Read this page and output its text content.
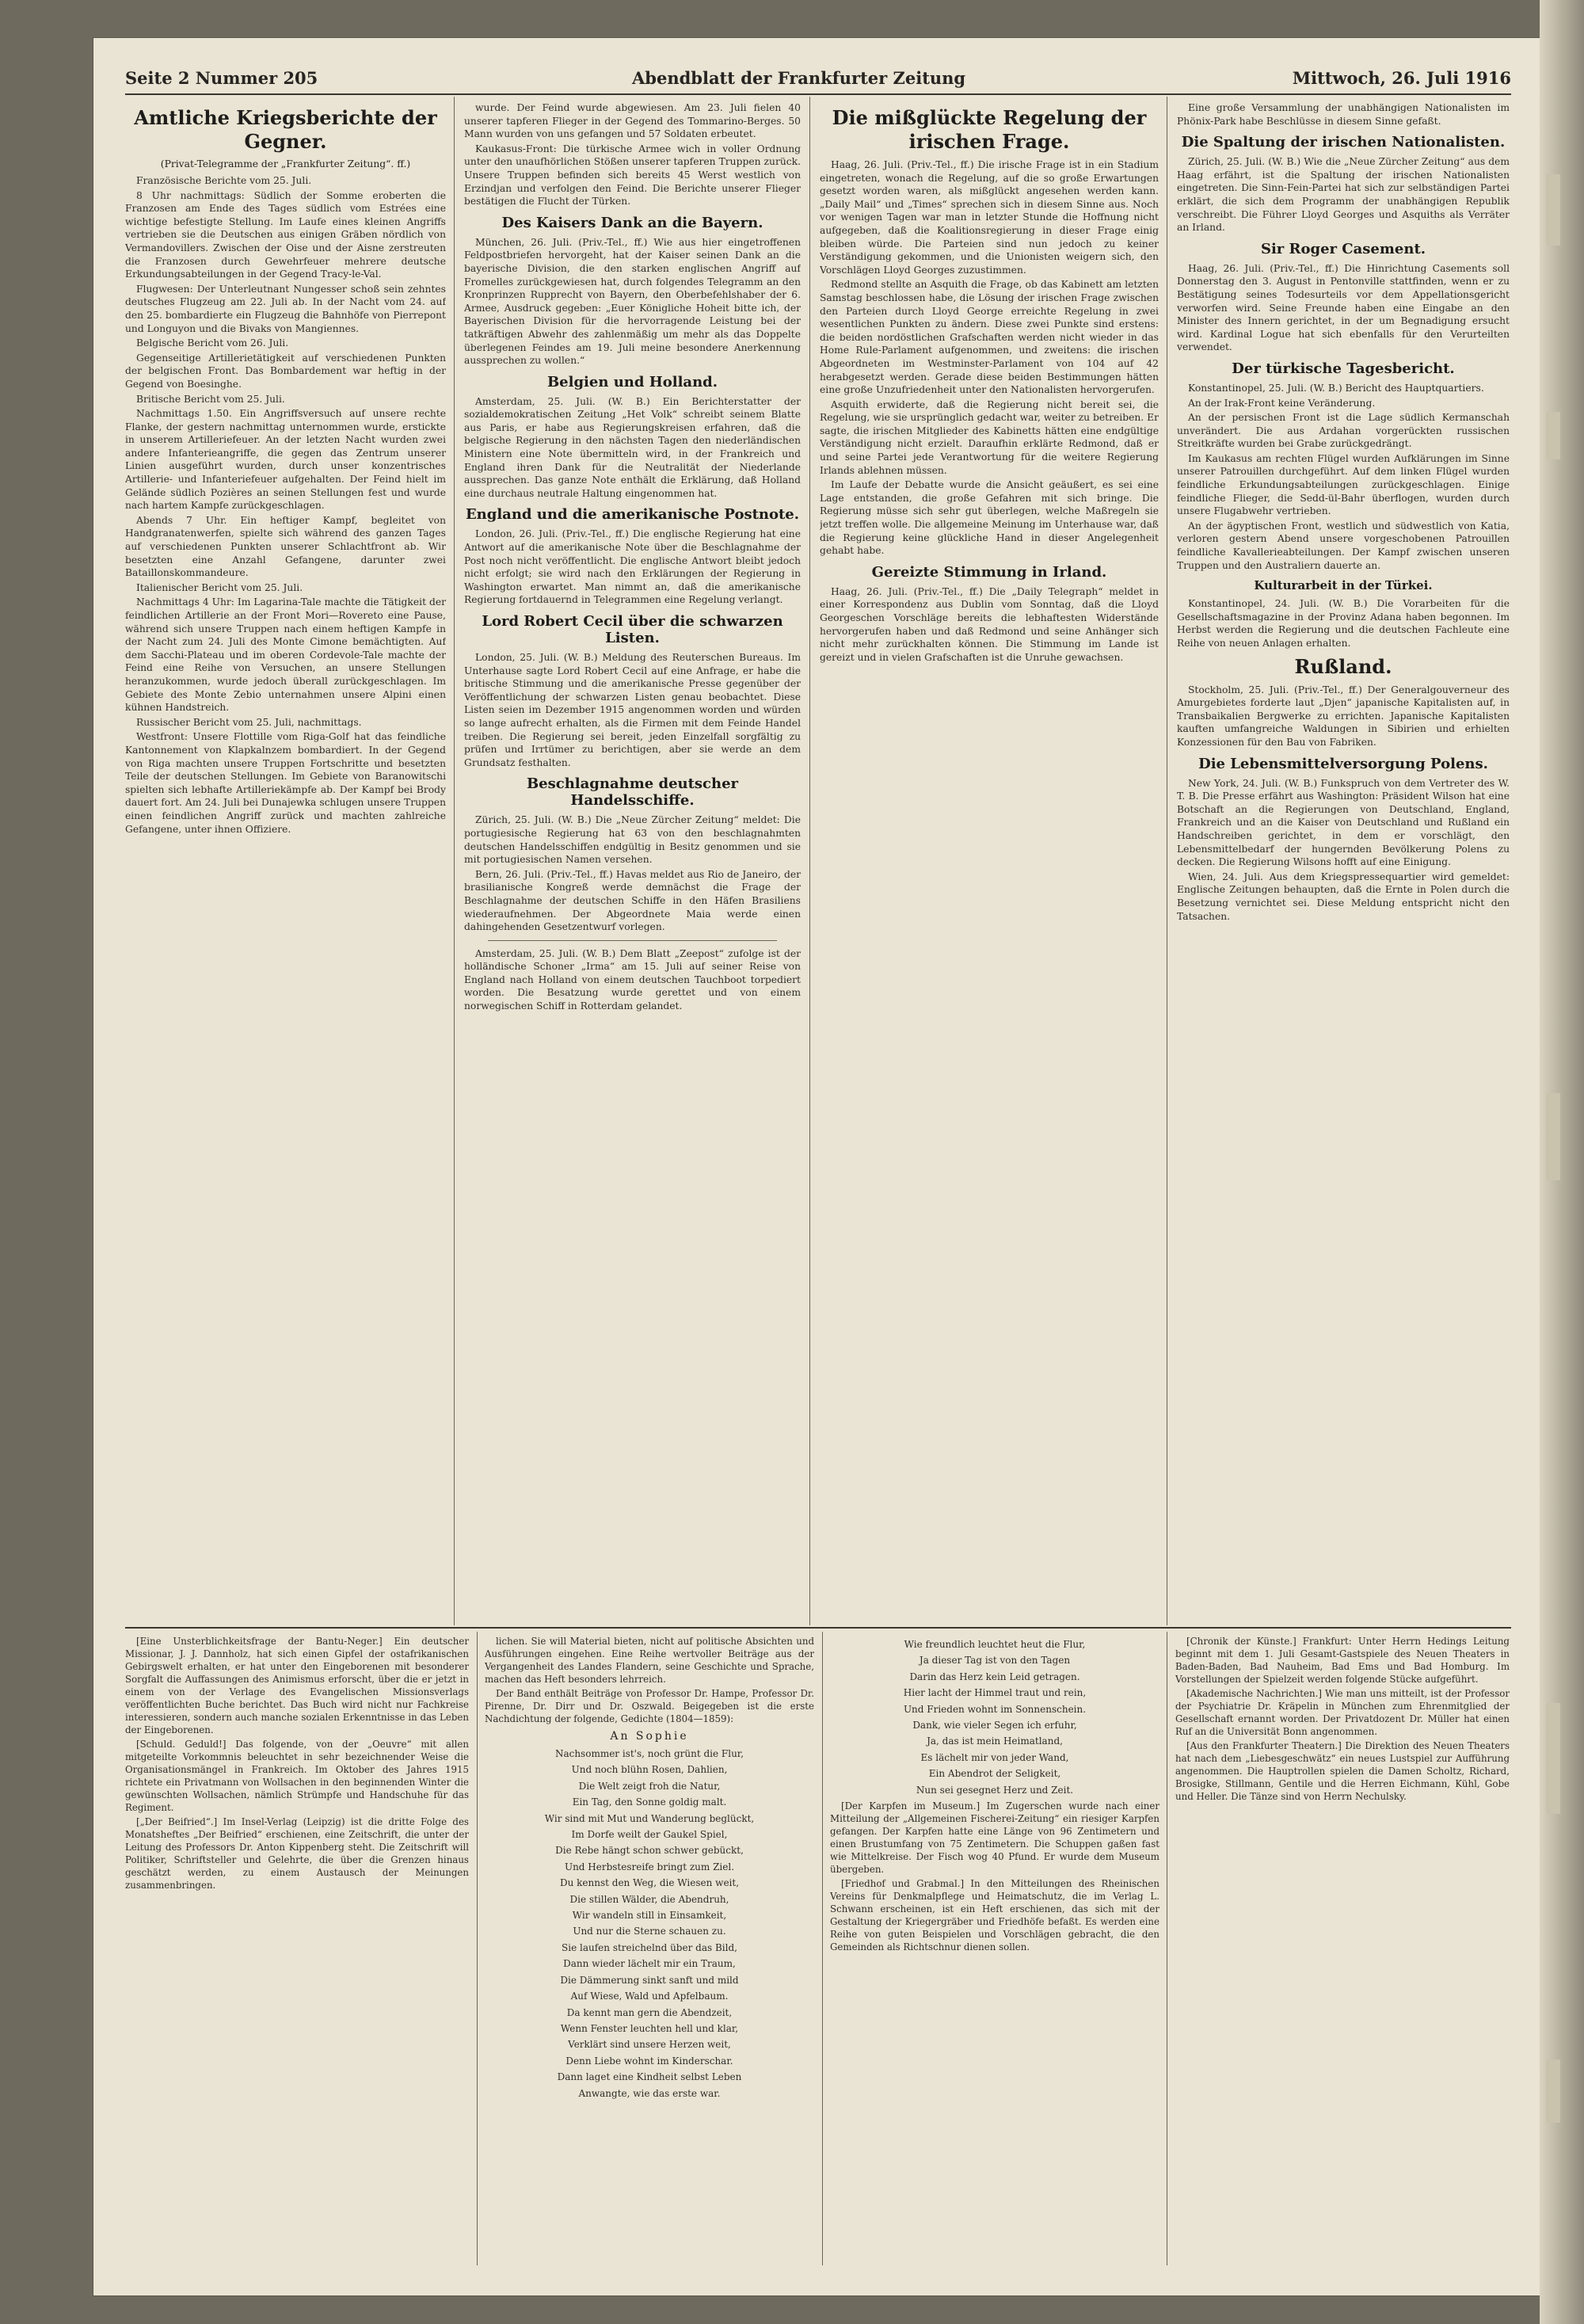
Seite 2 Nummer 205	Abendblatt der Frankfurter Zeitung	Mittwoch, 26. Juli 1916
Amtliche Kriegsberichte der Gegner.
(Privat-Telegramme der „Frankfurter Zeitung“. ff.)

Französische Berichte vom 25. Juli.

8 Uhr nachmittags: Südlich der Somme eroberten die Franzosen am Ende des Tages südlich vom Estrées eine wichtige befestigte Stellung. Im Laufe eines kleinen Angriffs vertrieben sie die Deutschen aus einigen Gräben nördlich von Vermandovillers. Zwischen der Oise und der Aisne zerstreuten die Franzosen durch Gewehrfeuer mehrere deutsche Erkundungsabteilungen in der Gegend Tracy-le-Val.

Flugwesen: Der Unterleutnant Nungesser schoß sein zehntes deutsches Flugzeug am 22. Juli ab. In der Nacht vom 24. auf den 25. bombardierte ein Flugzeug die Bahnhöfe von Pierrepont und Longuyon und die Bivaks von Mangiennes.

Belgische Bericht vom 26. Juli.

Gegenseitige Artillerietätigkeit auf verschiedenen Punkten der belgischen Front. Das Bombardement war heftig in der Gegend von Boesinghe.

Britische Bericht vom 25. Juli.

Nachmittags 1.50. Ein Angriffsversuch auf unsere rechte Flanke, der gestern nachmittag unternommen wurde, erstickte in unserem Artilleriefeuer. An der letzten Nacht wurden zwei andere Infanterieangriffe, die gegen das Zentrum unserer Linien ausgeführt wurden, durch unser konzentrisches Artillerie- und Infanteriefeuer aufgehalten. Der Feind hielt im Gelände südlich Pozières an seinen Stellungen fest und wurde nach hartem Kampfe zurückgeschlagen.

Abends 7 Uhr. Ein heftiger Kampf, begleitet von Handgranatenwerfen, spielte sich während des ganzen Tages auf verschiedenen Punkten unserer Schlachtfront ab. Wir besetzten eine Anzahl Gefangene, darunter zwei Bataillonskommandeure.

Italienischer Bericht vom 25. Juli.

Nachmittags 4 Uhr: Im Lagarina-Tale machte die Tätigkeit der feindlichen Artillerie an der Front Mori—Rovereto eine Pause, während sich unsere Truppen nach einem heftigen Kampfe in der Nacht zum 24. Juli des Monte Cimone bemächtigten. Auf dem Sacchi-Plateau und im oberen Cordevole-Tale machte der Feind eine Reihe von Versuchen, an unsere Stellungen heranzukommen, wurde jedoch überall zurückgeschlagen. Im Gebiete des Monte Zebio unternahmen unsere Alpini einen kühnen Handstreich.

Russischer Bericht vom 25. Juli, nachmittags.

Westfront: Unsere Flottille vom Riga-Golf hat das feindliche Kantonnement von Klapkalnzem bombardiert. In der Gegend von Riga machten unsere Truppen Fortschritte und besetzten Teile der deutschen Stellungen. Im Gebiete von Baranowitschi spielten sich lebhafte Artilleriekämpfe ab. Der Kampf bei Brody dauert fort. Am 24. Juli bei Dunajewka schlugen unsere Truppen einen feindlichen Angriff zurück und machten zahlreiche Gefangene, unter ihnen Offiziere.

wurde. Der Feind wurde abgewiesen. Am 23. Juli fielen 40 unserer tapferen Flieger in der Gegend des Tommarino-Berges. 50 Mann wurden von uns gefangen und 57 Soldaten erbeutet.

Kaukasus-Front: Die türkische Armee wich in voller Ordnung unter den unaufhörlichen Stößen unserer tapferen Truppen zurück. Unsere Truppen befinden sich bereits 45 Werst westlich von Erzindjan und verfolgen den Feind. Die Berichte unserer Flieger bestätigen die Flucht der Türken.

Des Kaisers Dank an die Bayern.

München, 26. Juli. (Priv.-Tel., ff.) Wie aus hier eingetroffenen Feldpostbriefen hervorgeht, hat der Kaiser seinen Dank an die bayerische Division, die den starken englischen Angriff auf Fromelles zurückgewiesen hat, durch folgendes Telegramm an den Kronprinzen Rupprecht von Bayern, den Oberbefehlshaber der 6. Armee, Ausdruck gegeben: „Euer Königliche Hoheit bitte ich, der Bayerischen Division für die hervorragende Leistung bei der tatkräftigen Abwehr des zahlenmäßig um mehr als das Doppelte überlegenen Feindes am 19. Juli meine besondere Anerkennung aussprechen zu wollen.“

Belgien und Holland.

Amsterdam, 25. Juli. (W. B.) Ein Berichterstatter der sozialdemokratischen Zeitung „Het Volk“ schreibt seinem Blatte aus Paris, er habe aus Regierungskreisen erfahren, daß die belgische Regierung in den nächsten Tagen den niederländischen Ministern eine Note übermitteln wird, in der Frankreich und England ihren Dank für die Neutralität der Niederlande aussprechen. Das ganze Note enthält die Erklärung, daß Holland eine durchaus neutrale Haltung eingenommen hat.

England und die amerikanische Postnote.

London, 26. Juli. (Priv.-Tel., ff.) Die englische Regierung hat eine Antwort auf die amerikanische Note über die Beschlagnahme der Post noch nicht veröffentlicht. Die englische Antwort bleibt jedoch nicht erfolgt; sie wird nach den Erklärungen der Regierung in Washington erwartet. Man nimmt an, daß die amerikanische Regierung fortdauernd in Telegrammen eine Regelung verlangt.

Lord Robert Cecil über die schwarzen Listen.

London, 25. Juli. (W. B.) Meldung des Reuterschen Bureaus. Im Unterhause sagte Lord Robert Cecil auf eine Anfrage, er habe die britische Stimmung und die amerikanische Presse gegenüber der Veröffentlichung der schwarzen Listen genau beobachtet. Diese Listen seien im Dezember 1915 angenommen worden und würden so lange aufrecht erhalten, als die Firmen mit dem Feinde Handel treiben. Die Regierung sei bereit, jeden Einzelfall sorgfältig zu prüfen und Irrtümer zu berichtigen, aber sie werde an dem Grundsatz festhalten.

Beschlagnahme deutscher Handelsschiffe.

Zürich, 25. Juli. (W. B.) Die „Neue Zürcher Zeitung“ meldet: Die portugiesische Regierung hat 63 von den beschlagnahmten deutschen Handelsschiffen endgültig in Besitz genommen und sie mit portugiesischen Namen versehen.

Bern, 26. Juli. (Priv.-Tel., ff.) Havas meldet aus Rio de Janeiro, der brasilianische Kongreß werde demnächst die Frage der Beschlagnahme der deutschen Schiffe in den Häfen Brasiliens wiederaufnehmen. Der Abgeordnete Maia werde einen dahingehenden Gesetzentwurf vorlegen.

Amsterdam, 25. Juli. (W. B.) Dem Blatt „Zeepost“ zufolge ist der holländische Schoner „Irma“ am 15. Juli auf seiner Reise von England nach Holland von einem deutschen Tauchboot torpediert worden. Die Besatzung wurde gerettet und von einem norwegischen Schiff in Rotterdam gelandet.

Die mißglückte Regelung der irischen Frage.

Haag, 26. Juli. (Priv.-Tel., ff.) Die irische Frage ist in ein Stadium eingetreten, wonach die Regelung, auf die so große Erwartungen gesetzt worden waren, als mißglückt angesehen werden kann. „Daily Mail“ und „Times“ sprechen sich in diesem Sinne aus. Noch vor wenigen Tagen war man in letzter Stunde die Hoffnung nicht aufgegeben, daß die Koalitionsregierung in dieser Frage einig bleiben würde. Die Parteien sind nun jedoch zu keiner Verständigung gekommen, und die Unionisten weigern sich, den Vorschlägen Lloyd Georges zuzustimmen.

Redmond stellte an Asquith die Frage, ob das Kabinett am letzten Samstag beschlossen habe, die Lösung der irischen Frage zwischen den Parteien durch Lloyd George erreichte Regelung in zwei wesentlichen Punkten zu ändern. Diese zwei Punkte sind erstens: die beiden nordöstlichen Grafschaften werden nicht wieder in das Home Rule-Parlament aufgenommen, und zweitens: die irischen Abgeordneten im Westminster-Parlament von 104 auf 42 herabgesetzt werden. Gerade diese beiden Bestimmungen hätten eine große Unzufriedenheit unter den Nationalisten hervorgerufen.

Asquith erwiderte, daß die Regierung nicht bereit sei, die Regelung, wie sie ursprünglich gedacht war, weiter zu betreiben. Er sagte, die irischen Mitglieder des Kabinetts hätten eine endgültige Verständigung nicht erzielt. Daraufhin erklärte Redmond, daß er und seine Partei jede Verantwortung für die weitere Regierung Irlands ablehnen müssen.

Im Laufe der Debatte wurde die Ansicht geäußert, es sei eine Lage entstanden, die große Gefahren mit sich bringe. Die Regierung müsse sich sehr gut überlegen, welche Maßregeln sie jetzt treffen wolle. Die allgemeine Meinung im Unterhause war, daß die Regierung keine glückliche Hand in dieser Angelegenheit gehabt habe.

Gereizte Stimmung in Irland.

Haag, 26. Juli. (Priv.-Tel., ff.) Die „Daily Telegraph“ meldet in einer Korrespondenz aus Dublin vom Sonntag, daß die Lloyd Georgeschen Vorschläge bereits die lebhaftesten Widerstände hervorgerufen haben und daß Redmond und seine Anhänger sich nicht mehr zurückhalten können. Die Stimmung im Lande ist gereizt und in vielen Grafschaften ist die Unruhe gewachsen.

Eine große Versammlung der unabhängigen Nationalisten im Phönix-Park habe Beschlüsse in diesem Sinne gefaßt.

Die Spaltung der irischen Nationalisten.

Zürich, 25. Juli. (W. B.) Wie die „Neue Zürcher Zeitung“ aus dem Haag erfährt, ist die Spaltung der irischen Nationalisten eingetreten. Die Sinn-Fein-Partei hat sich zur selbständigen Partei erklärt, die sich dem Programm der unabhängigen Republik verschreibt. Die Führer Lloyd Georges und Asquiths als Verräter an Irland.

Sir Roger Casement.

Haag, 26. Juli. (Priv.-Tel., ff.) Die Hinrichtung Casements soll Donnerstag den 3. August in Pentonville stattfinden, wenn er zu Bestätigung seines Todesurteils vor dem Appellationsgericht verworfen wird. Seine Freunde haben eine Eingabe an den Minister des Innern gerichtet, in der um Begnadigung ersucht wird. Kardinal Logue hat sich ebenfalls für den Verurteilten verwendet.

Der türkische Tagesbericht.

Konstantinopel, 25. Juli. (W. B.) Bericht des Hauptquartiers.

An der Irak-Front keine Veränderung.

An der persischen Front ist die Lage südlich Kermanschah unverändert. Die aus Ardahan vorgerückten russischen Streitkräfte wurden bei Grabe zurückgedrängt.

Im Kaukasus am rechten Flügel wurden Aufklärungen im Sinne unserer Patrouillen durchgeführt. Auf dem linken Flügel wurden feindliche Erkundungsabteilungen zurückgeschlagen. Einige feindliche Flieger, die Sedd-ül-Bahr überflogen, wurden durch unsere Flugabwehr vertrieben.

An der ägyptischen Front, westlich und südwestlich von Katia, verloren gestern Abend unsere vorgeschobenen Patrouillen feindliche Kavallerieabteilungen. Der Kampf zwischen unseren Truppen und den Australiern dauerte an.

Kulturarbeit in der Türkei.

Konstantinopel, 24. Juli. (W. B.) Die Vorarbeiten für die Gesellschaftsmagazine in der Provinz Adana haben begonnen. Im Herbst werden die Regierung und die deutschen Fachleute eine Reihe von neuen Anlagen erhalten.

Rußland.

Stockholm, 25. Juli. (Priv.-Tel., ff.) Der Generalgouverneur des Amurgebietes forderte laut „Djen“ japanische Kapitalisten auf, in Transbaikalien Bergwerke zu errichten. Japanische Kapitalisten kauften umfangreiche Waldungen in Sibirien und erhielten Konzessionen für den Bau von Fabriken.

Die Lebensmittelversorgung Polens.

New York, 24. Juli. (W. B.) Funkspruch von dem Vertreter des W. T. B. Die Presse erfährt aus Washington: Präsident Wilson hat eine Botschaft an die Regierungen von Deutschland, England, Frankreich und an die Kaiser von Deutschland und Rußland ein Handschreiben gerichtet, in dem er vorschlägt, den Lebensmittelbedarf der hungernden Bevölkerung Polens zu decken. Die Regierung Wilsons hofft auf eine Einigung.

Wien, 24. Juli. Aus dem Kriegspressequartier wird gemeldet: Englische Zeitungen behaupten, daß die Ernte in Polen durch die Besetzung vernichtet sei. Diese Meldung entspricht nicht den Tatsachen.

[Eine Unsterblichkeitsfrage der Bantu-Neger.] Ein deutscher Missionar, J. J. Dannholz, hat sich einen Gipfel der ostafrikanischen Gebirgswelt erhalten, er hat unter den Eingeborenen mit besonderer Sorgfalt die Auffassungen des Animismus erforscht, über die er jetzt in einem von der Verlage des Evangelischen Missionsverlags veröffentlichten Buche berichtet. Das Buch wird nicht nur Fachkreise interessieren, sondern auch manche sozialen Erkenntnisse in das Leben der Eingeborenen.

[Schuld. Geduld!] Das folgende, von der „Oeuvre“ mit allen mitgeteilte Vorkommnis beleuchtet in sehr bezeichnender Weise die Organisationsmängel in Frankreich. Im Oktober des Jahres 1915 richtete ein Privatmann von Wollsachen in den beginnenden Winter die gewünschten Wollsachen, nämlich Strümpfe und Handschuhe für das Regiment.

[„Der Beifried“.] Im Insel-Verlag (Leipzig) ist die dritte Folge des Monatsheftes „Der Beifried“ erschienen, eine Zeitschrift, die unter der Leitung des Professors Dr. Anton Kippenberg steht. Die Zeitschrift will Politiker, Schriftsteller und Gelehrte, die über die Grenzen hinaus geschätzt werden, zu einem Austausch der Meinungen zusammenbringen.

lichen. Sie will Material bieten, nicht auf politische Absichten und Ausführungen eingehen. Eine Reihe wertvoller Beiträge aus der Vergangenheit des Landes Flandern, seine Geschichte und Sprache, machen das Heft besonders lehrreich.

Der Band enthält Beiträge von Professor Dr. Hampe, Professor Dr. Pirenne, Dr. Dirr und Dr. Oszwald. Beigegeben ist die erste Nachdichtung der folgende, Gedichte (1804—1859):

An Sophie
Nachsommer ist's, noch grünt die Flur,
Und noch blühn Rosen, Dahlien,
Die Welt zeigt froh die Natur,
Ein Tag, den Sonne goldig malt.
Wir sind mit Mut und Wanderung beglückt,
Im Dorfe weilt der Gaukel Spiel,
Die Rebe hängt schon schwer gebückt,
Und Herbstesreife bringt zum Ziel.
Du kennst den Weg, die Wiesen weit,
Die stillen Wälder, die Abendruh,
Wir wandeln still in Einsamkeit,
Und nur die Sterne schauen zu.
Sie laufen streichelnd über das Bild,
Dann wieder lächelt mir ein Traum,
Die Dämmerung sinkt sanft und mild
Auf Wiese, Wald und Apfelbaum.
Da kennt man gern die Abendzeit,
Wenn Fenster leuchten hell und klar,
Verklärt sind unsere Herzen weit,
Denn Liebe wohnt im Kinderschar.
Dann laget eine Kindheit selbst Leben
Anwangte, wie das erste war.
Wie freundlich leuchtet heut die Flur,
Ja dieser Tag ist von den Tagen
Darin das Herz kein Leid getragen.
Hier lacht der Himmel traut und rein,
Und Frieden wohnt im Sonnenschein.
Dank, wie vieler Segen ich erfuhr,
Ja, das ist mein Heimatland,
Es lächelt mir von jeder Wand,
Ein Abendrot der Seligkeit,
Nun sei gesegnet Herz und Zeit.

[Der Karpfen im Museum.] Im Zugerschen wurde nach einer Mitteilung der „Allgemeinen Fischerei-Zeitung“ ein riesiger Karpfen gefangen. Der Karpfen hatte eine Länge von 96 Zentimetern und einen Brustumfang von 75 Zentimetern. Die Schuppen gaßen fast wie Mittelkreise. Der Fisch wog 40 Pfund. Er wurde dem Museum übergeben.

[Friedhof und Grabmal.] In den Mitteilungen des Rheinischen Vereins für Denkmalpflege und Heimatschutz, die im Verlag L. Schwann erscheinen, ist ein Heft erschienen, das sich mit der Gestaltung der Kriegergräber und Friedhöfe befaßt. Es werden eine Reihe von guten Beispielen und Vorschlägen gebracht, die den Gemeinden als Richtschnur dienen sollen.

[Chronik der Künste.] Frankfurt: Unter Herrn Hedings Leitung beginnt mit dem 1. Juli Gesamt-Gastspiele des Neuen Theaters in Baden-Baden, Bad Nauheim, Bad Ems und Bad Homburg. Im Vorstellungen der Spielzeit werden folgende Stücke aufgeführt.

[Akademische Nachrichten.] Wie man uns mitteilt, ist der Professor der Psychiatrie Dr. Kräpelin in München zum Ehrenmitglied der Gesellschaft ernannt worden. Der Privatdozent Dr. Müller hat einen Ruf an die Universität Bonn angenommen.

[Aus den Frankfurter Theatern.] Die Direktion des Neuen Theaters hat nach dem „Liebesgeschwätz“ ein neues Lustspiel zur Aufführung angenommen. Die Hauptrollen spielen die Damen Scholtz, Richard, Brosigke, Stillmann, Gentile und die Herren Eichmann, Kühl, Gobe und Heller. Die Tänze sind von Herrn Nechulsky.
